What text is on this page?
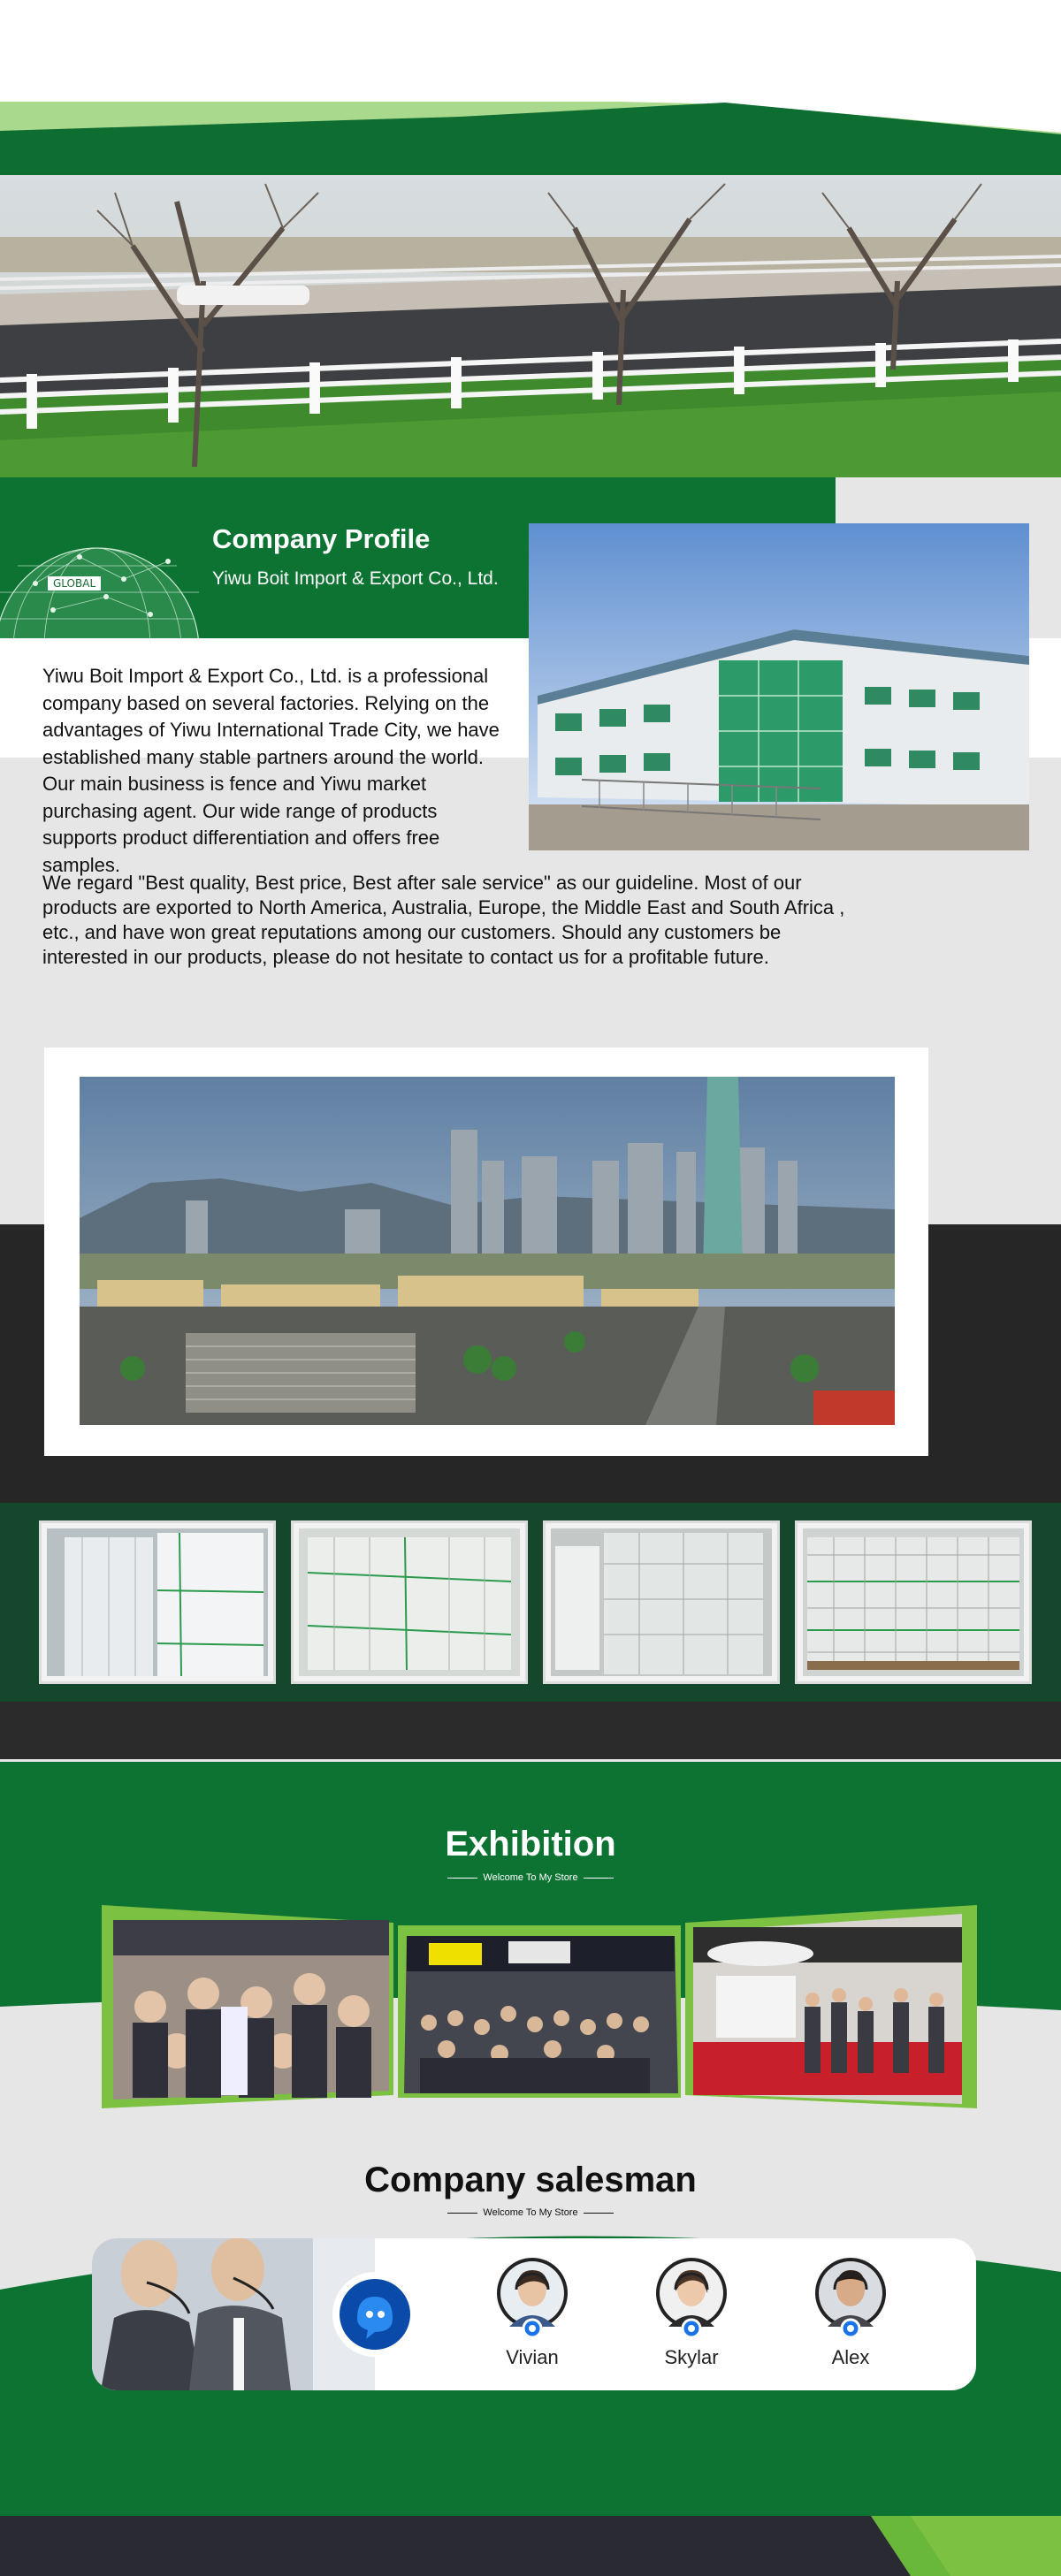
GLOBAL
Company Profile
Yiwu Boit Import & Export Co., Ltd.
Yiwu Boit Import & Export Co., Ltd. is a professional company based on several factories. Relying on the advantages of Yiwu International Trade City, we have established many stable partners around the world. Our main business is fence and Yiwu market purchasing agent. Our wide range of products supports product differentiation and offers free samples.
We regard "Best quality, Best price, Best after sale service" as our guideline. Most of our products are exported to North America, Australia, Europe, the Middle East and South Africa , etc., and have won great reputations among our customers. Should any customers be interested in our products, please do not hesitate to contact us for a profitable future.
Exhibition
Welcome To My Store
Company salesman
Welcome To My Store
Vivian	Skylar	Alex
